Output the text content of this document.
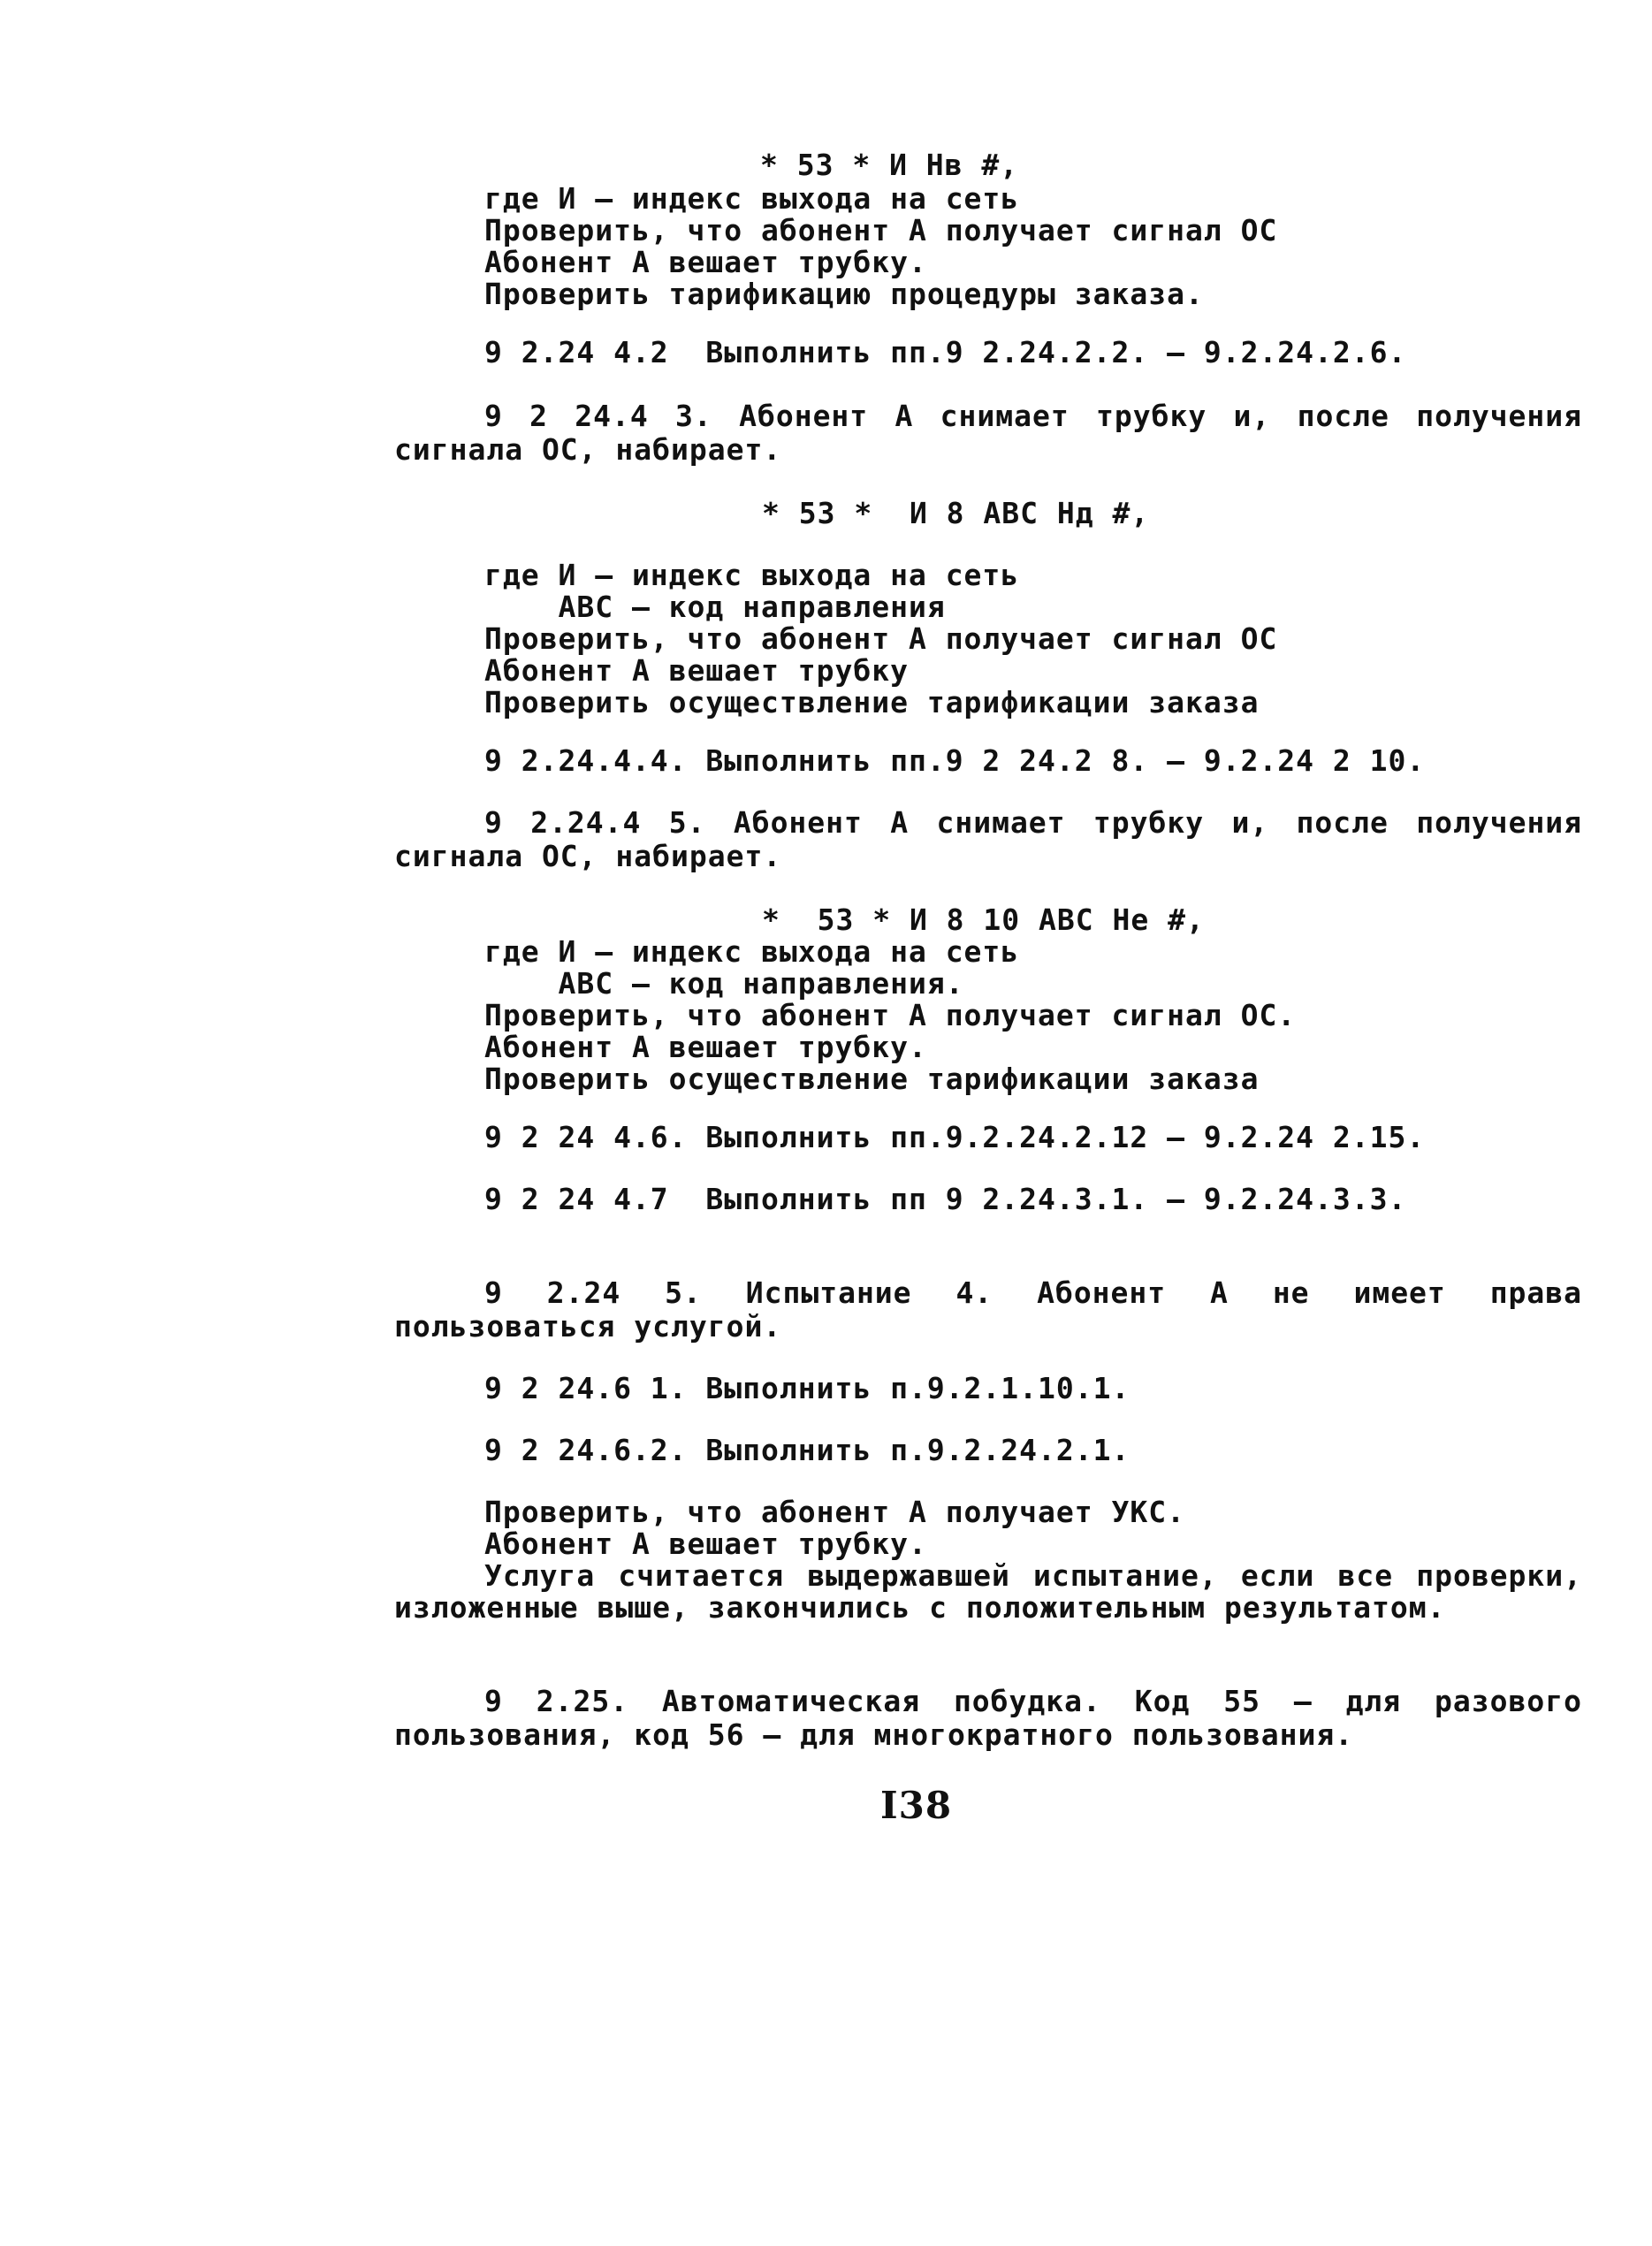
* 53 * И Нв #,
где И – индекс выхода на сеть
Проверить, что абонент А получает сигнал ОС
Абонент А вешает трубку.
Проверить тарификацию процедуры заказа.
9 2.24 4.2  Выполнить пп.9 2.24.2.2. – 9.2.24.2.6.
9 2 24.4 3. Абонент А снимает трубку и, после получения
сигнала ОС, набирает.
* 53 *  И 8 АВС Нд #,
где И – индекс выхода на сеть
АВС – код направления
Проверить, что абонент А получает сигнал ОС
Абонент А вешает трубку
Проверить осуществление тарификации заказа
9 2.24.4.4. Выполнить пп.9 2 24.2 8. – 9.2.24 2 10.
9 2.24.4 5. Абонент А снимает трубку и, после получения
сигнала ОС, набирает.
*  53 * И 8 10 АВС Не #,
где И – индекс выхода на сеть
АВС – код направления.
Проверить, что абонент А получает сигнал ОС.
Абонент А вешает трубку.
Проверить осуществление тарификации заказа
9 2 24 4.6. Выполнить пп.9.2.24.2.12 – 9.2.24 2.15.
9 2 24 4.7  Выполнить пп 9 2.24.3.1. – 9.2.24.3.3.
9 2.24 5. Испытание 4. Абонент А не имеет права
пользоваться услугой.
9 2 24.6 1. Выполнить п.9.2.1.10.1.
9 2 24.6.2. Выполнить п.9.2.24.2.1.
Проверить, что абонент А получает УКС.
Абонент А вешает трубку.
Услуга считается выдержавшей испытание, если все проверки,
изложенные выше, закончились с положительным результатом.
9 2.25. Автоматическая побудка. Код 55 – для разового
пользования, код 56 – для многократного пользования.
I38
